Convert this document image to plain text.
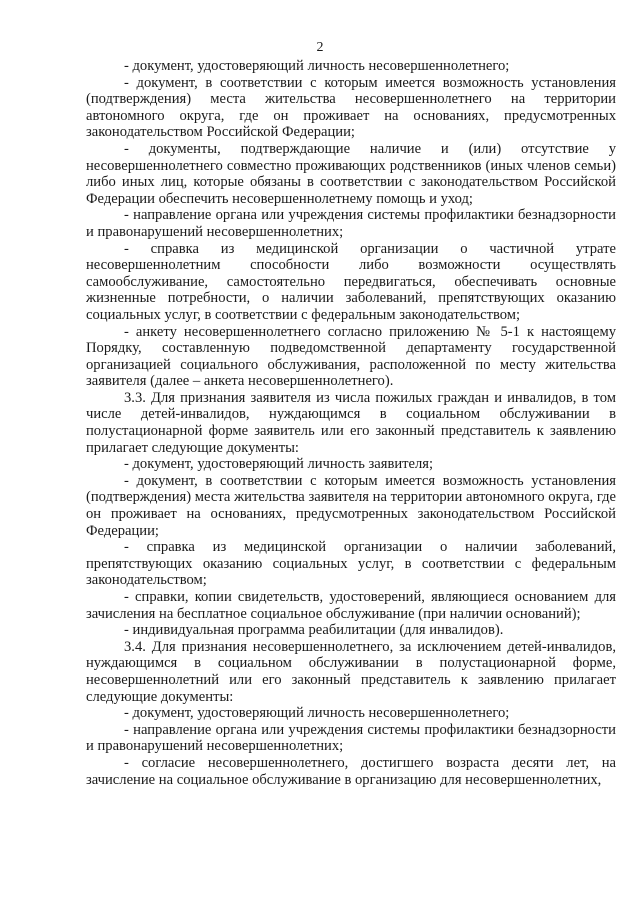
2

- документ, удостоверяющий личность несовершеннолетнего;

- документ, в соответствии с которым имеется возможность установления (подтверждения) места жительства несовершеннолетнего на территории автономного округа, где он проживает на основаниях, предусмотренных законодательством Российской Федерации;

- документы, подтверждающие наличие и (или) отсутствие у несовершеннолетнего совместно проживающих родственников (иных членов семьи) либо иных лиц, которые обязаны в соответствии с законодательством Российской Федерации обеспечить несовершеннолетнему помощь и уход;

- направление органа или учреждения системы профилактики безнадзорности и правонарушений несовершеннолетних;

- справка из медицинской организации о частичной утрате несовершеннолетним способности либо возможности осуществлять самообслуживание, самостоятельно передвигаться, обеспечивать основные жизненные потребности, о наличии заболеваний, препятствующих оказанию социальных услуг, в соответствии с федеральным законодательством;

- анкету несовершеннолетнего согласно приложению № 5-1 к настоящему Порядку, составленную подведомственной департаменту государственной организацией социального обслуживания, расположенной по месту жительства заявителя (далее – анкета несовершеннолетнего).

3.3. Для признания заявителя из числа пожилых граждан и инвалидов, в том числе детей-инвалидов, нуждающимся в социальном обслуживании в полустационарной форме заявитель или его законный представитель к заявлению прилагает следующие документы:

- документ, удостоверяющий личность заявителя;

- документ, в соответствии с которым имеется возможность установления (подтверждения) места жительства заявителя на территории автономного округа, где он проживает на основаниях, предусмотренных законодательством Российской Федерации;

- справка из медицинской организации о наличии заболеваний, препятствующих оказанию социальных услуг, в соответствии с федеральным законодательством;

- справки, копии свидетельств, удостоверений, являющиеся основанием для зачисления на бесплатное социальное обслуживание (при наличии оснований);

- индивидуальная программа реабилитации (для инвалидов).

3.4. Для признания несовершеннолетнего, за исключением детей-инвалидов, нуждающимся в социальном обслуживании в полустационарной форме, несовершеннолетний или его законный представитель к заявлению прилагает следующие документы:

- документ, удостоверяющий личность несовершеннолетнего;

- направление органа или учреждения системы профилактики безнадзорности и правонарушений несовершеннолетних;

- согласие несовершеннолетнего, достигшего возраста десяти лет, на зачисление на социальное обслуживание в организацию для несовершеннолетних,
